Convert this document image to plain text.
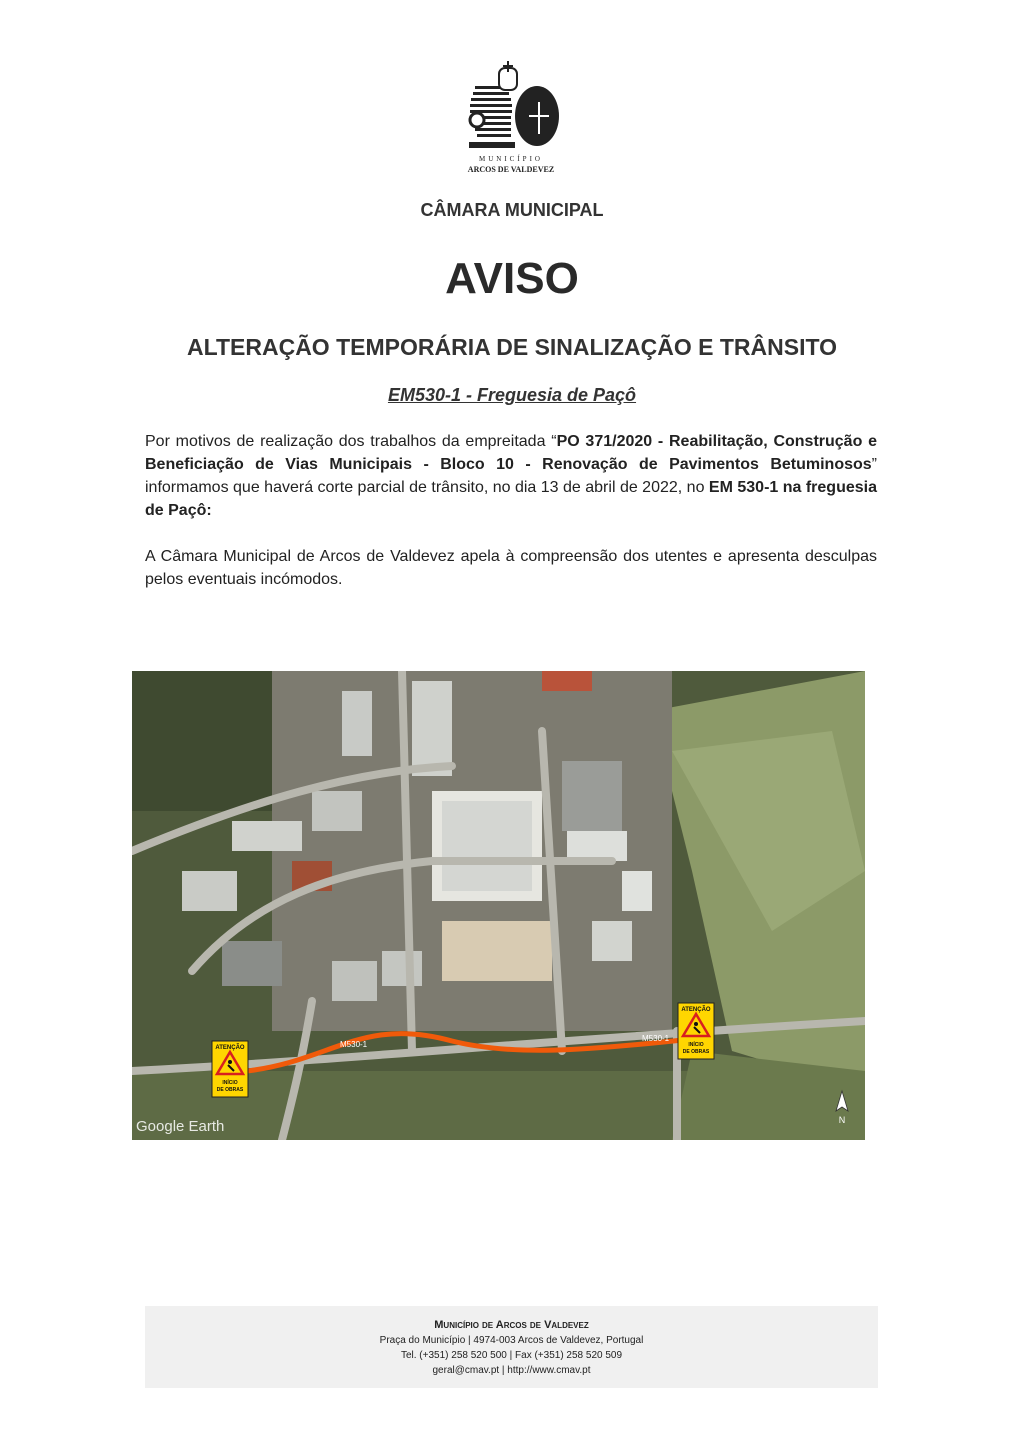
MUNICÍPIO
ARCOS DE VALDEVEZ
CÂMARA MUNICIPAL
AVISO
ALTERAÇÃO TEMPORÁRIA DE SINALIZAÇÃO E TRÂNSITO
EM530-1 - Freguesia de Paçô
Por motivos de realização dos trabalhos da empreitada “PO 371/2020 - Reabilitação, Construção e Beneficiação de Vias Municipais - Bloco 10 - Renovação de Pavimentos Betuminosos” informamos que haverá corte parcial de trânsito, no dia 13 de abril de 2022, no EM 530-1 na freguesia de Paçô:
A Câmara Municipal de Arcos de Valdevez apela à compreensão dos utentes e apresenta desculpas pelos eventuais incómodos.
M530-1
M530-1
ATENÇÃO
INÍCIO
DE OBRAS
ATENÇÃO
INÍCIO
DE OBRAS
N
Google Earth
Município de Arcos de Valdevez
Praça do Município | 4974-003 Arcos de Valdevez, Portugal
Tel. (+351) 258 520 500 | Fax (+351) 258 520 509
geral@cmav.pt | http://www.cmav.pt
